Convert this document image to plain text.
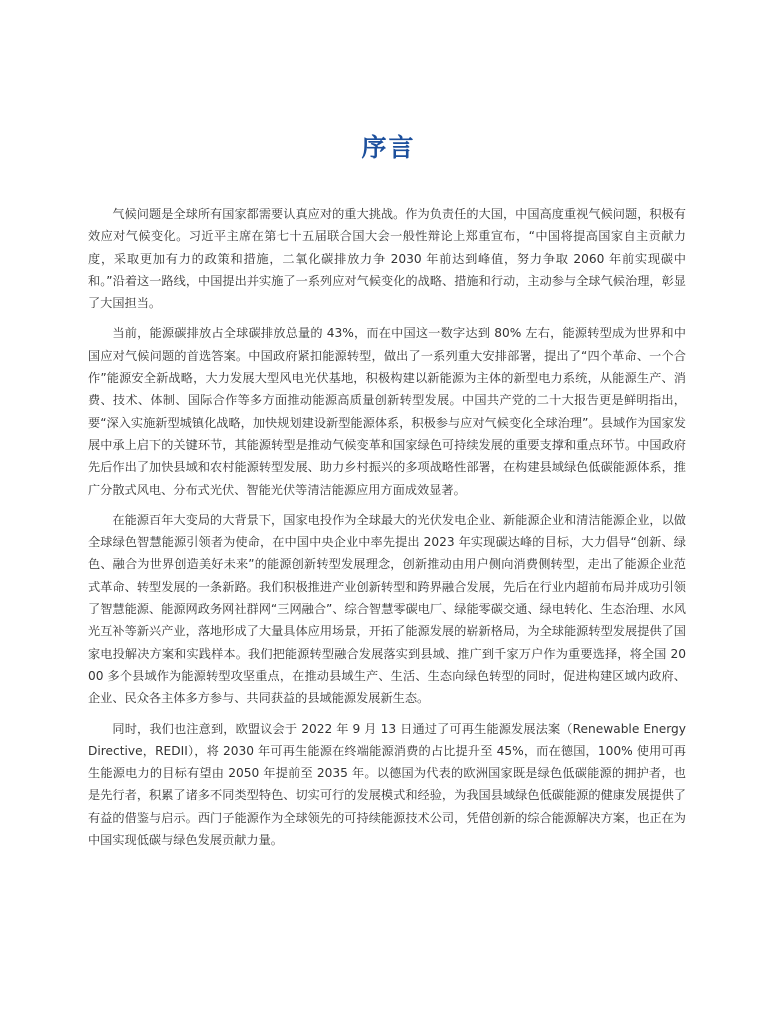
序言

气候问题是全球所有国家都需要认真应对的重大挑战。作为负责任的大国，中国高度重视气候问题，积极有效应对气候变化。习近平主席在第七十五届联合国大会一般性辩论上郑重宣布，“中国将提高国家自主贡献力度，采取更加有力的政策和措施，二氧化碳排放力争 2030 年前达到峰值，努力争取 2060 年前实现碳中和。”沿着这一路线，中国提出并实施了一系列应对气候变化的战略、措施和行动，主动参与全球气候治理，彰显了大国担当。

当前，能源碳排放占全球碳排放总量的 43%，而在中国这一数字达到 80% 左右，能源转型成为世界和中国应对气候问题的首选答案。中国政府紧扣能源转型，做出了一系列重大安排部署，提出了“四个革命、一个合作”能源安全新战略，大力发展大型风电光伏基地，积极构建以新能源为主体的新型电力系统，从能源生产、消费、技术、体制、国际合作等多方面推动能源高质量创新转型发展。中国共产党的二十大报告更是鲜明指出，要“深入实施新型城镇化战略，加快规划建设新型能源体系，积极参与应对气候变化全球治理”。县域作为国家发展中承上启下的关键环节，其能源转型是推动气候变革和国家绿色可持续发展的重要支撑和重点环节。中国政府先后作出了加快县域和农村能源转型发展、助力乡村振兴的多项战略性部署，在构建县域绿色低碳能源体系，推广分散式风电、分布式光伏、智能光伏等清洁能源应用方面成效显著。

在能源百年大变局的大背景下，国家电投作为全球最大的光伏发电企业、新能源企业和清洁能源企业，以做全球绿色智慧能源引领者为使命，在中国中央企业中率先提出 2023 年实现碳达峰的目标，大力倡导“创新、绿色、融合为世界创造美好未来”的能源创新转型发展理念，创新推动由用户侧向消费侧转型，走出了能源企业范式革命、转型发展的一条新路。我们积极推进产业创新转型和跨界融合发展，先后在行业内超前布局并成功引领了智慧能源、能源网政务网社群网“三网融合”、综合智慧零碳电厂、绿能零碳交通、绿电转化、生态治理、水风光互补等新兴产业，落地形成了大量具体应用场景，开拓了能源发展的崭新格局，为全球能源转型发展提供了国家电投解决方案和实践样本。我们把能源转型融合发展落实到县域、推广到千家万户作为重要选择，将全国 2000 多个县域作为能源转型攻坚重点，在推动县域生产、生活、生态向绿色转型的同时，促进构建区域内政府、企业、民众各主体多方参与、共同获益的县域能源发展新生态。

同时，我们也注意到，欧盟议会于 2022 年 9 月 13 日通过了可再生能源发展法案（Renewable Energy Directive，REDII），将 2030 年可再生能源在终端能源消费的占比提升至 45%，而在德国，100% 使用可再生能源电力的目标有望由 2050 年提前至 2035 年。以德国为代表的欧洲国家既是绿色低碳能源的拥护者，也是先行者，积累了诸多不同类型特色、切实可行的发展模式和经验，为我国县域绿色低碳能源的健康发展提供了有益的借鉴与启示。西门子能源作为全球领先的可持续能源技术公司，凭借创新的综合能源解决方案，也正在为中国实现低碳与绿色发展贡献力量。
